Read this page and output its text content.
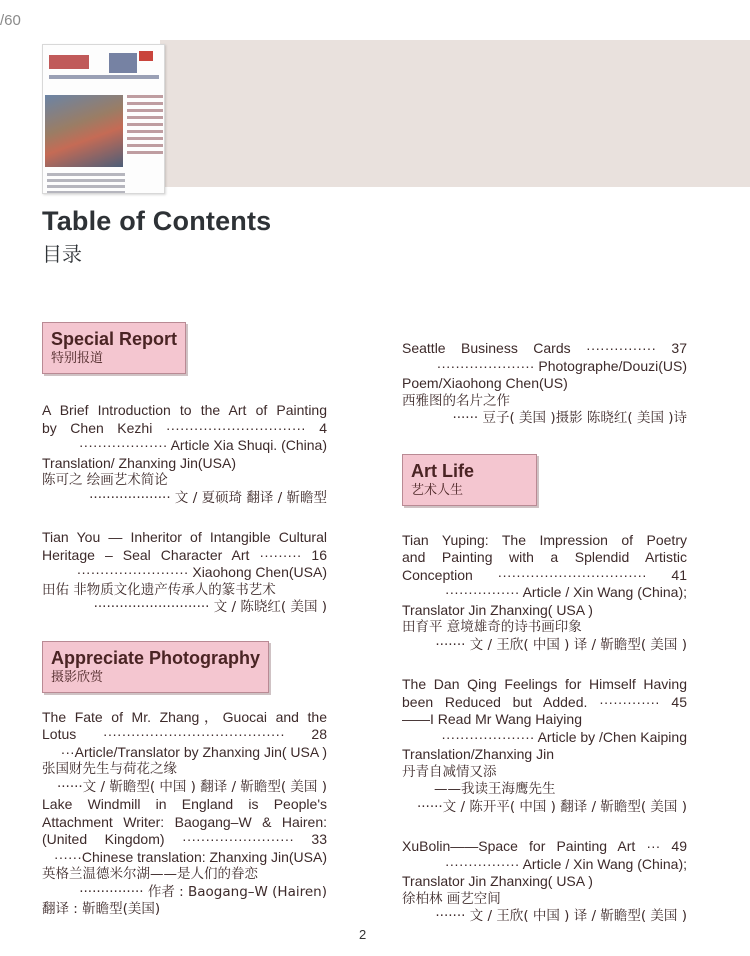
/60
Table of Contents
目录
Special Report
特别报道
A Brief Introduction to the Art of Painting
by Chen Kezhi ······························ 4
··················· Article Xia Shuqi. (China)
Translation/ Zhanxing Jin(USA)
陈可之 绘画艺术简论
··················· 文 / 夏硕琦 翻译 / 靳瞻型
Tian You — Inheritor of Intangible Cultural
Heritage – Seal Character Art ········· 16
························ Xiaohong Chen(USA)
田佑 非物质文化遗产传承人的篆书艺术
··························· 文 / 陈晓红( 美国 )
Appreciate Photography
摄影欣赏
The Fate of Mr. Zhang，Guocai and the
Lotus ······································· 28
···Article/Translator by Zhanxing Jin( USA )
张国财先生与荷花之缘
······文 / 靳瞻型( 中国 ) 翻译 / 靳瞻型( 美国 )
Lake Windmill in England is People's
Attachment Writer: Baogang–W & Hairen:
(United Kingdom) ························ 33
······Chinese translation: Zhanxing Jin(USA)
英格兰温德米尔湖——是人们的眷恋
··············· 作者 : Baogang–W (Hairen)
翻译 : 靳瞻型(美国)
Seattle Business Cards ··············· 37
····················· Photographe/Douzi(US)
Poem/Xiaohong Chen(US)
西雅图的名片之作
······ 豆子( 美国 )摄影 陈晓红( 美国 )诗
Art Life
艺术人生
Tian Yuping: The Impression of Poetry
and Painting with a Splendid Artistic
Conception ································ 41
················ Article / Xin Wang (China);
Translator Jin Zhanxing( USA )
田育平 意境雄奇的诗书画印象
······· 文 / 王欣( 中国 ) 译 / 靳瞻型( 美国 )
The Dan Qing Feelings for Himself Having
been Reduced but Added. ············· 45
——I Read Mr Wang Haiying
···················· Article by /Chen Kaiping
Translation/Zhanxing Jin
丹青自减情又添
——我读王海鹰先生
······文 / 陈开平( 中国 ) 翻译 / 靳瞻型( 美国 )
XuBolin——Space for Painting Art ··· 49
················ Article / Xin Wang (China);
Translator Jin Zhanxing( USA )
徐柏林 画艺空间
······· 文 / 王欣( 中国 ) 译 / 靳瞻型( 美国 )
2
